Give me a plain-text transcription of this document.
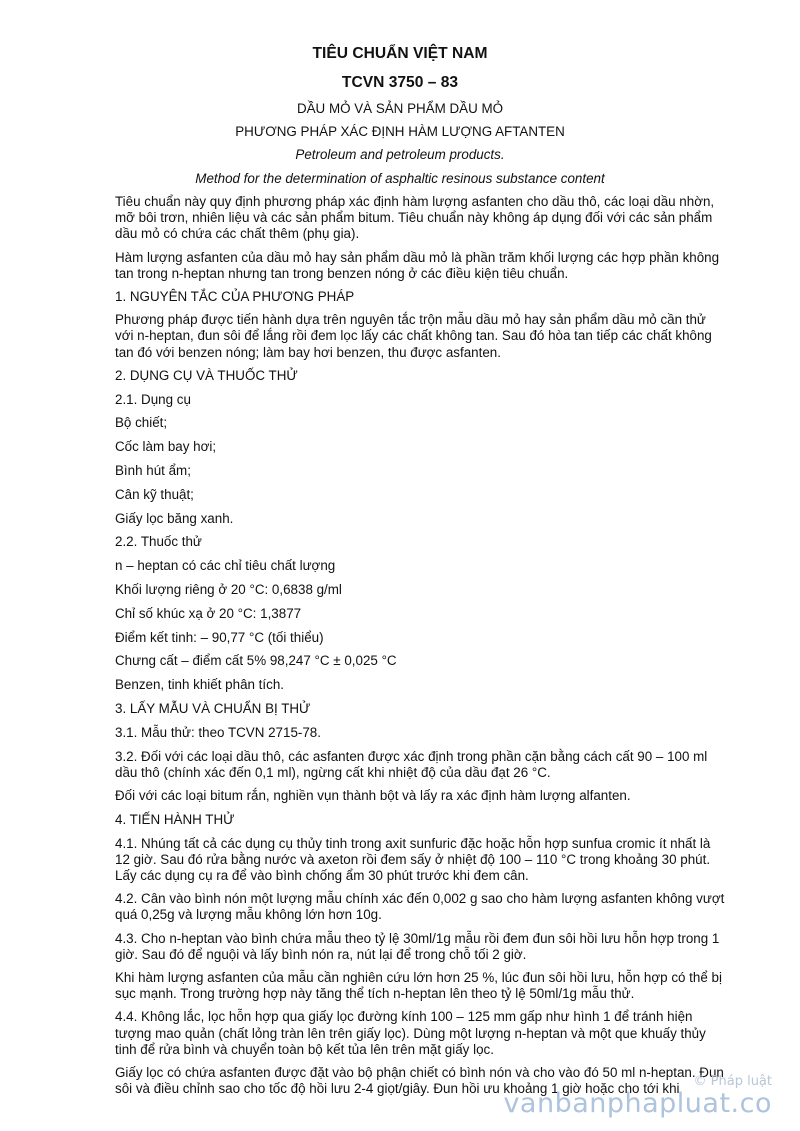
TIÊU CHUẨN VIỆT NAM
TCVN 3750 – 83
DẦU MỎ VÀ SẢN PHẨM DẦU MỎ
PHƯƠNG PHÁP XÁC ĐỊNH HÀM LƯỢNG AFTANTEN
Petroleum and petroleum products.
Method for the determination of asphaltic resinous substance content

Tiêu chuẩn này quy định phương pháp xác định hàm lượng asfanten cho dầu thô, các loại dầu nhờn, mỡ bôi trơn, nhiên liệu và các sản phẩm bitum. Tiêu chuẩn này không áp dụng đối với các sản phẩm dầu mỏ có chứa các chất thêm (phụ gia).

Hàm lượng asfanten của dầu mỏ hay sản phẩm dầu mỏ là phần trăm khối lượng các hợp phần không tan trong n-heptan nhưng tan trong benzen nóng ở các điều kiện tiêu chuẩn.

1. NGUYÊN TẮC CỦA PHƯƠNG PHÁP

Phương pháp được tiến hành dựa trên nguyên tắc trộn mẫu dầu mỏ hay sản phẩm dầu mỏ cần thử với n-heptan, đun sôi để lắng rồi đem lọc lấy các chất không tan. Sau đó hòa tan tiếp các chất không tan đó với benzen nóng; làm bay hơi benzen, thu được asfanten.

2. DỤNG CỤ VÀ THUỐC THỬ

2.1. Dụng cụ

Bộ chiết;

Cốc làm bay hơi;

Bình hút ẩm;

Cân kỹ thuật;

Giấy lọc băng xanh.

2.2. Thuốc thử

n – heptan có các chỉ tiêu chất lượng

Khối lượng riêng ở 20 °C: 0,6838 g/ml

Chỉ số khúc xạ ở 20 °C: 1,3877

Điểm kết tinh: – 90,77 °C (tối thiểu)

Chưng cất – điểm cất 5% 98,247 °C ± 0,025 °C

Benzen, tinh khiết phân tích.

3. LẤY MẪU VÀ CHUẨN BỊ THỬ

3.1. Mẫu thử: theo TCVN 2715-78.

3.2. Đối với các loại dầu thô, các asfanten được xác định trong phần cặn bằng cách cất 90 – 100 ml dầu thô (chính xác đến 0,1 ml), ngừng cất khi nhiệt độ của dầu đạt 26 °C.

Đối với các loại bitum rắn, nghiền vụn thành bột và lấy ra xác định hàm lượng alfanten.

4. TIẾN HÀNH THỬ

4.1. Nhúng tất cả các dụng cụ thủy tinh trong axit sunfuric đặc hoặc hỗn hợp sunfua cromic ít nhất là 12 giờ. Sau đó rửa bằng nước và axeton rồi đem sấy ở nhiệt độ 100 – 110 °C trong khoảng 30 phút. Lấy các dụng cụ ra để vào bình chống ẩm 30 phút trước khi đem cân.

4.2. Cân vào bình nón một lượng mẫu chính xác đến 0,002 g sao cho hàm lượng asfanten không vượt quá 0,25g và lượng mẫu không lớn hơn 10g.

4.3. Cho n-heptan vào bình chứa mẫu theo tỷ lệ 30ml/1g mẫu rồi đem đun sôi hồi lưu hỗn hợp trong 1 giờ. Sau đó để nguội và lấy bình nón ra, nút lại để trong chỗ tối 2 giờ.

Khi hàm lượng asfanten của mẫu cần nghiên cứu lớn hơn 25 %, lúc đun sôi hồi lưu, hỗn hợp có thể bị sục mạnh. Trong trường hợp này tăng thể tích n-heptan lên theo tỷ lệ 50ml/1g mẫu thử.

4.4. Không lắc, lọc hỗn hợp qua giấy lọc đường kính 100 – 125 mm gấp như hình 1 để tránh hiện tượng mao quản (chất lỏng tràn lên trên giấy lọc). Dùng một lượng n-heptan và một que khuấy thủy tinh để rửa bình và chuyển toàn bộ kết tủa lên trên mặt giấy lọc.

Giấy lọc có chứa asfanten được đặt vào bộ phận chiết có bình nón và cho vào đó 50 ml n-heptan. Đun sôi và điều chỉnh sao cho tốc độ hồi lưu 2-4 giọt/giây. Đun hồi ưu khoảng 1 giờ hoặc cho tới khi	© Pháp luật
vanbanphapluat.co
